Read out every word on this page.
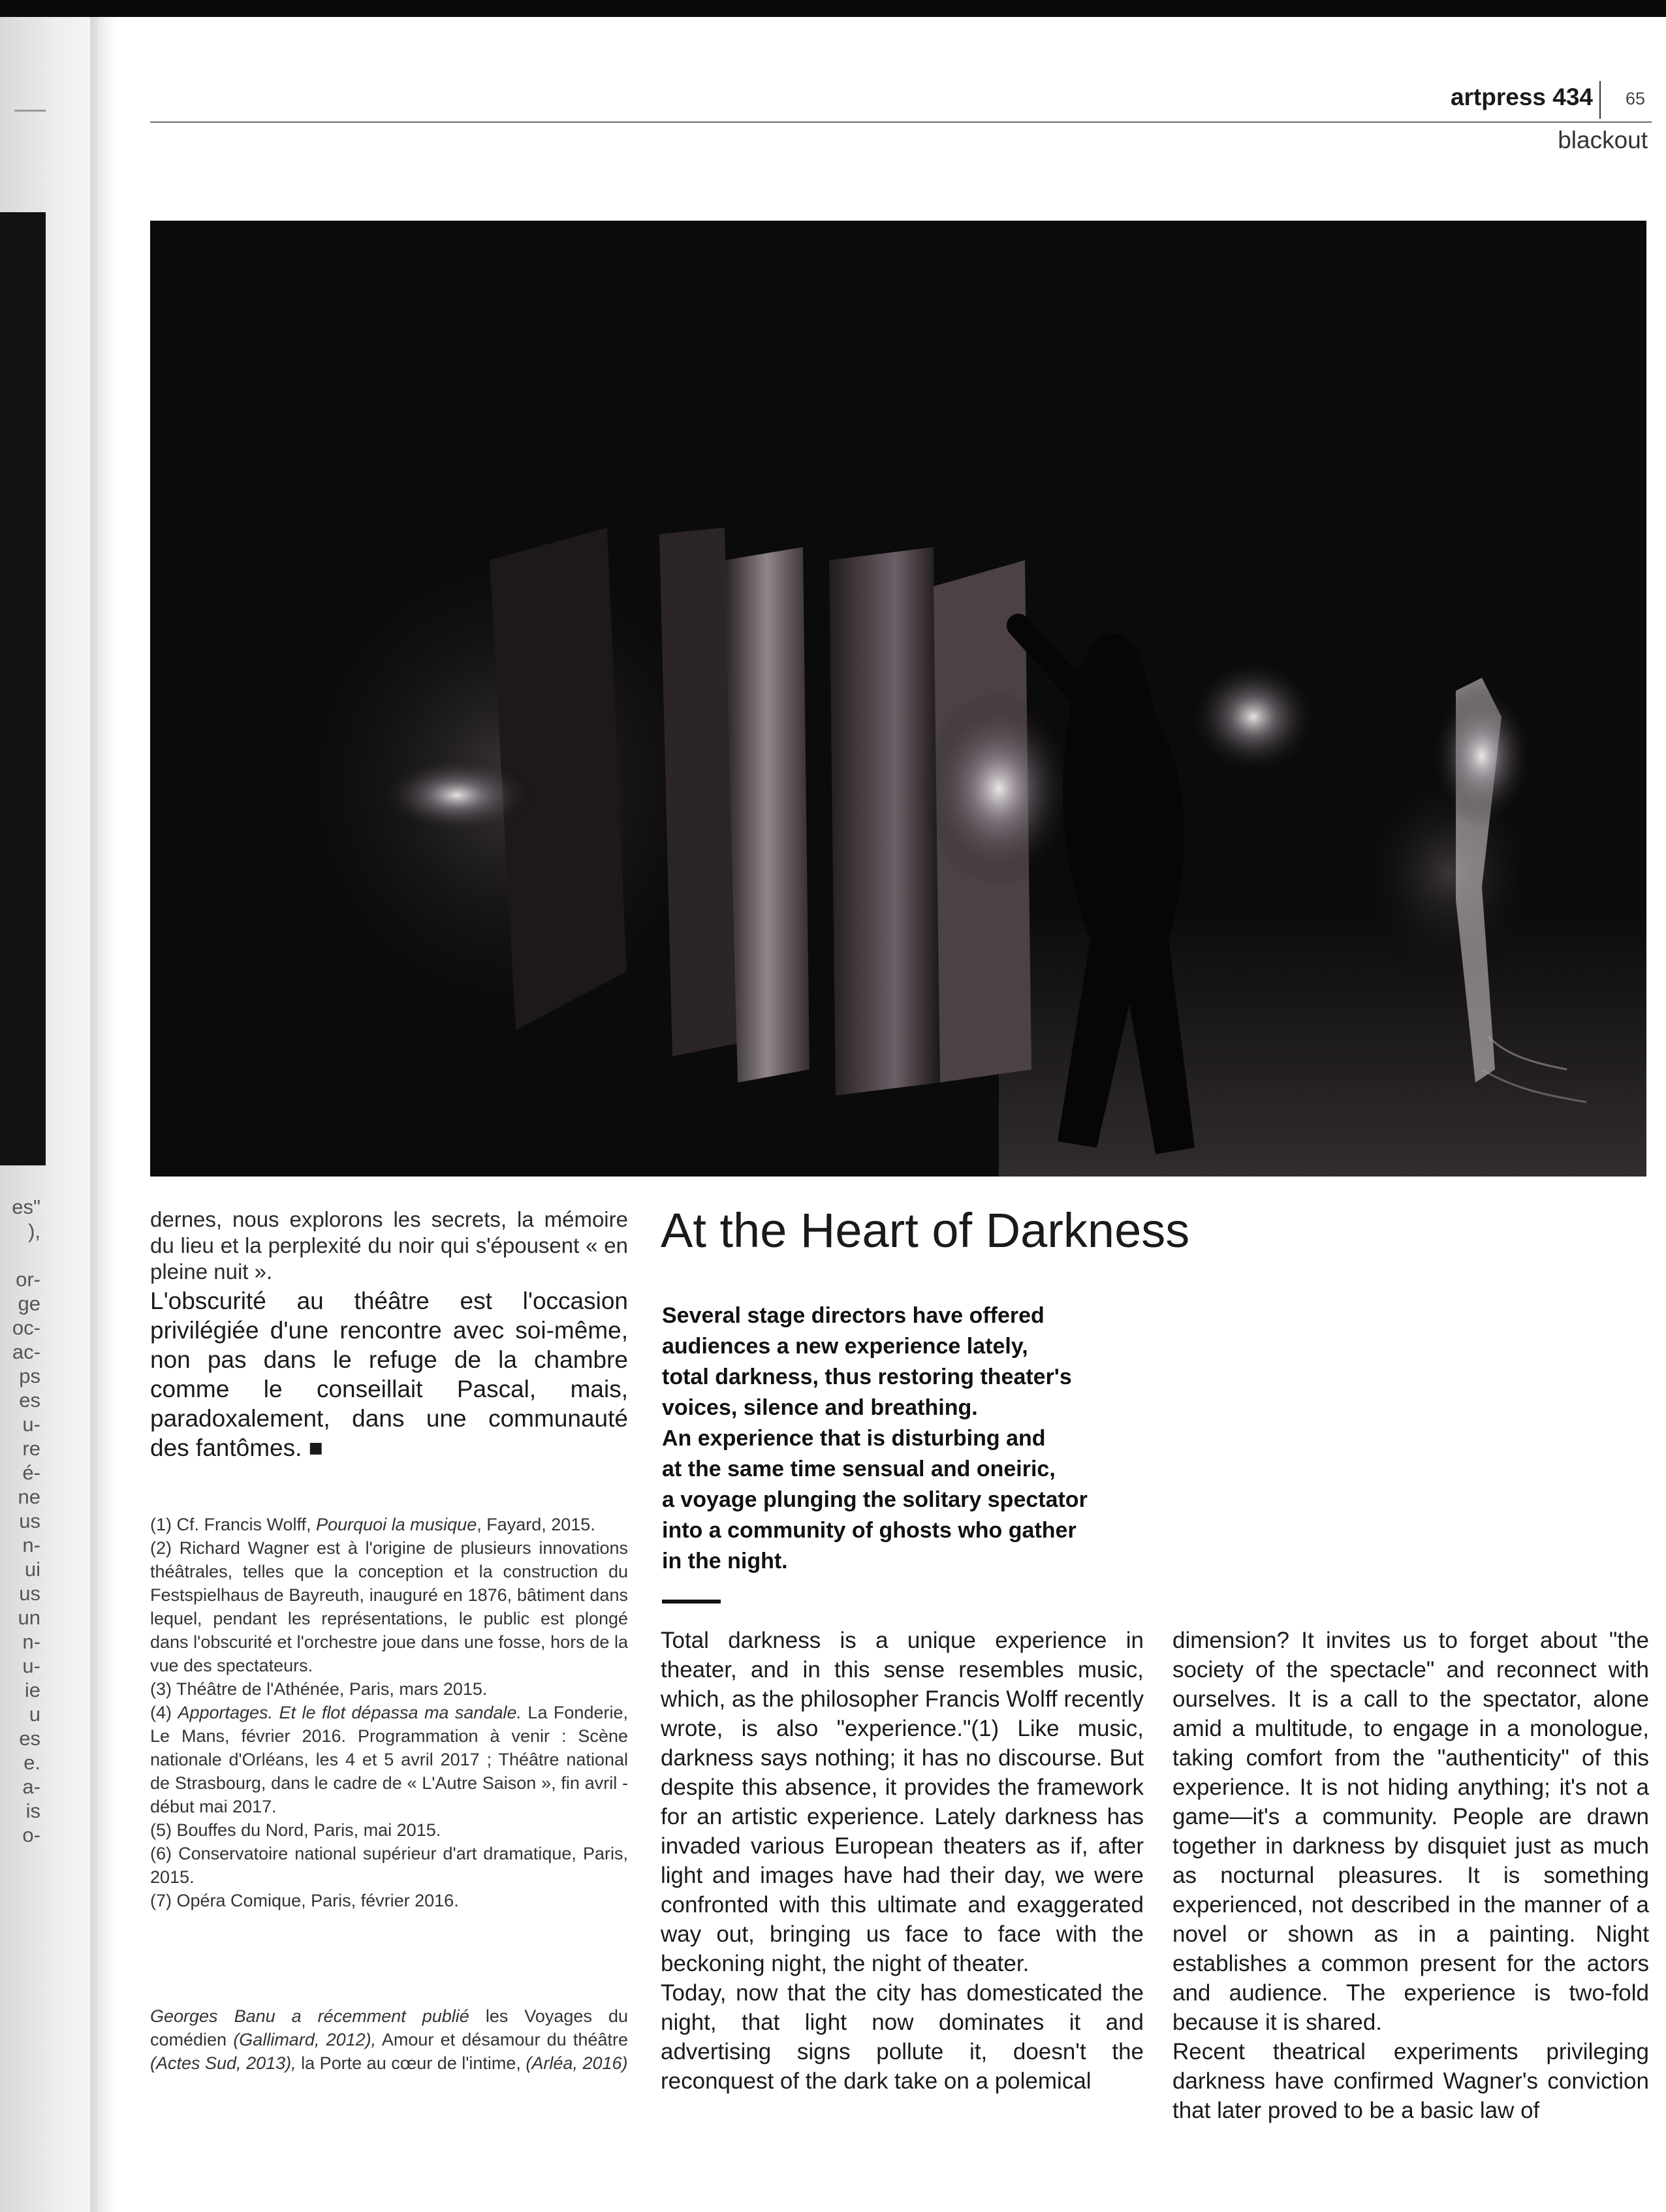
es"
),
or-
ge
oc-
ac-
ps
es
u-
re
é-
ne
us
n-
ui
us
un
n-
u-
ie
u
es
e.
a-
is
o-
artpress 434 65
blackout
dernes, nous explorons les secrets, la mémoire du lieu et la perplexité du noir qui s'épousent « en pleine nuit ».
L'obscurité au théâtre est l'occasion privilégiée d'une rencontre avec soi-même, non pas dans le refuge de la chambre comme le conseillait Pascal, mais, paradoxalement, dans une communauté des fantômes. ■
(1) Cf. Francis Wolff, Pourquoi la musique, Fayard, 2015.
(2) Richard Wagner est à l'origine de plusieurs innovations théâtrales, telles que la conception et la construction du Festspielhaus de Bayreuth, inauguré en 1876, bâtiment dans lequel, pendant les représentations, le public est plongé dans l'obscurité et l'orchestre joue dans une fosse, hors de la vue des spectateurs.
(3) Théâtre de l'Athénée, Paris, mars 2015.
(4) Apportages. Et le flot dépassa ma sandale. La Fonderie, Le Mans, février 2016. Programmation à venir : Scène nationale d'Orléans, les 4 et 5 avril 2017 ; Théâtre national de Strasbourg, dans le cadre de « L'Autre Saison », fin avril - début mai 2017.
(5) Bouffes du Nord, Paris, mai 2015.
(6) Conservatoire national supérieur d'art dramatique, Paris, 2015.
(7) Opéra Comique, Paris, février 2016.
Georges Banu a récemment publié les Voyages du comédien (Gallimard, 2012), Amour et désamour du théâtre (Actes Sud, 2013), la Porte au cœur de l'intime, (Arléa, 2016)
At the Heart of Darkness
Several stage directors have offered
audiences a new experience lately,
total darkness, thus restoring theater's
voices, silence and breathing.
An experience that is disturbing and
at the same time sensual and oneiric,
a voyage plunging the solitary spectator
into a community of ghosts who gather
in the night.

Total darkness is a unique experience in theater, and in this sense resembles music, which, as the philosopher Francis Wolff recently wrote, is also "experience."(1) Like music, darkness says nothing; it has no discourse. But despite this absence, it provides the framework for an artistic experience. Lately darkness has invaded various European theaters as if, after light and images have had their day, we were confronted with this ultimate and exaggerated way out, bringing us face to face with the beckoning night, the night of theater.

Today, now that the city has domesticated the night, that light now dominates it and advertising signs pollute it, doesn't the reconquest of the dark take on a polemical

dimension? It invites us to forget about "the society of the spectacle" and reconnect with ourselves. It is a call to the spectator, alone amid a multitude, to engage in a monologue, taking comfort from the "authenticity" of this experience. It is not hiding anything; it's not a game—it's a community. People are drawn together in darkness by disquiet just as much as nocturnal pleasures. It is something experienced, not described in the manner of a novel or shown as in a painting. Night establishes a common present for the actors and audience. The experience is two-fold because it is shared.

Recent theatrical experiments privileging darkness have confirmed Wagner's conviction that later proved to be a basic law of
